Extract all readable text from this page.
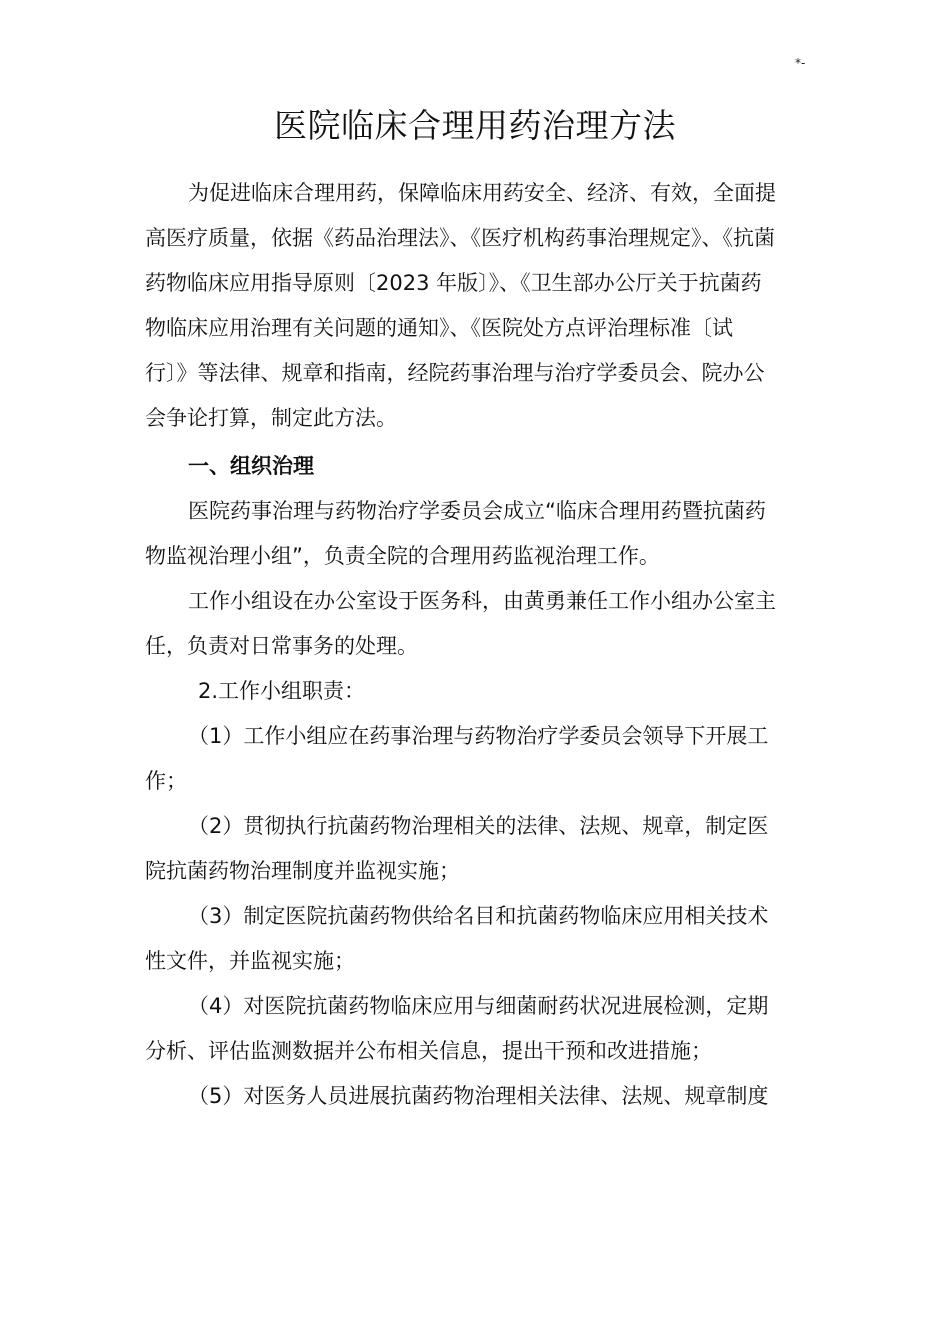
*-
医院临床合理用药治理方法
为促进临床合理用药，保障临床用药安全、经济、有效，全面提
高医疗质量，依据《药品治理法》、《医疗机构药事治理规定》、《抗菌
药物临床应用指导原则〔2023 年版〕》、《卫生部办公厅关于抗菌药
物临床应用治理有关问题的通知》、《医院处方点评治理标准〔试
行〕》等法律、规章和指南，经院药事治理与治疗学委员会、院办公
会争论打算，制定此方法。
一、组织治理
医院药事治理与药物治疗学委员会成立“临床合理用药暨抗菌药
物监视治理小组”，负责全院的合理用药监视治理工作。
工作小组设在办公室设于医务科，由黄勇兼任工作小组办公室主
任，负责对日常事务的处理。
2.工作小组职责：
（1）工作小组应在药事治理与药物治疗学委员会领导下开展工
作；
（2）贯彻执行抗菌药物治理相关的法律、法规、规章，制定医
院抗菌药物治理制度并监视实施；
（3）制定医院抗菌药物供给名目和抗菌药物临床应用相关技术
性文件，并监视实施；
（4）对医院抗菌药物临床应用与细菌耐药状况进展检测，定期
分析、评估监测数据并公布相关信息，提出干预和改进措施；
（5）对医务人员进展抗菌药物治理相关法律、法规、规章制度
